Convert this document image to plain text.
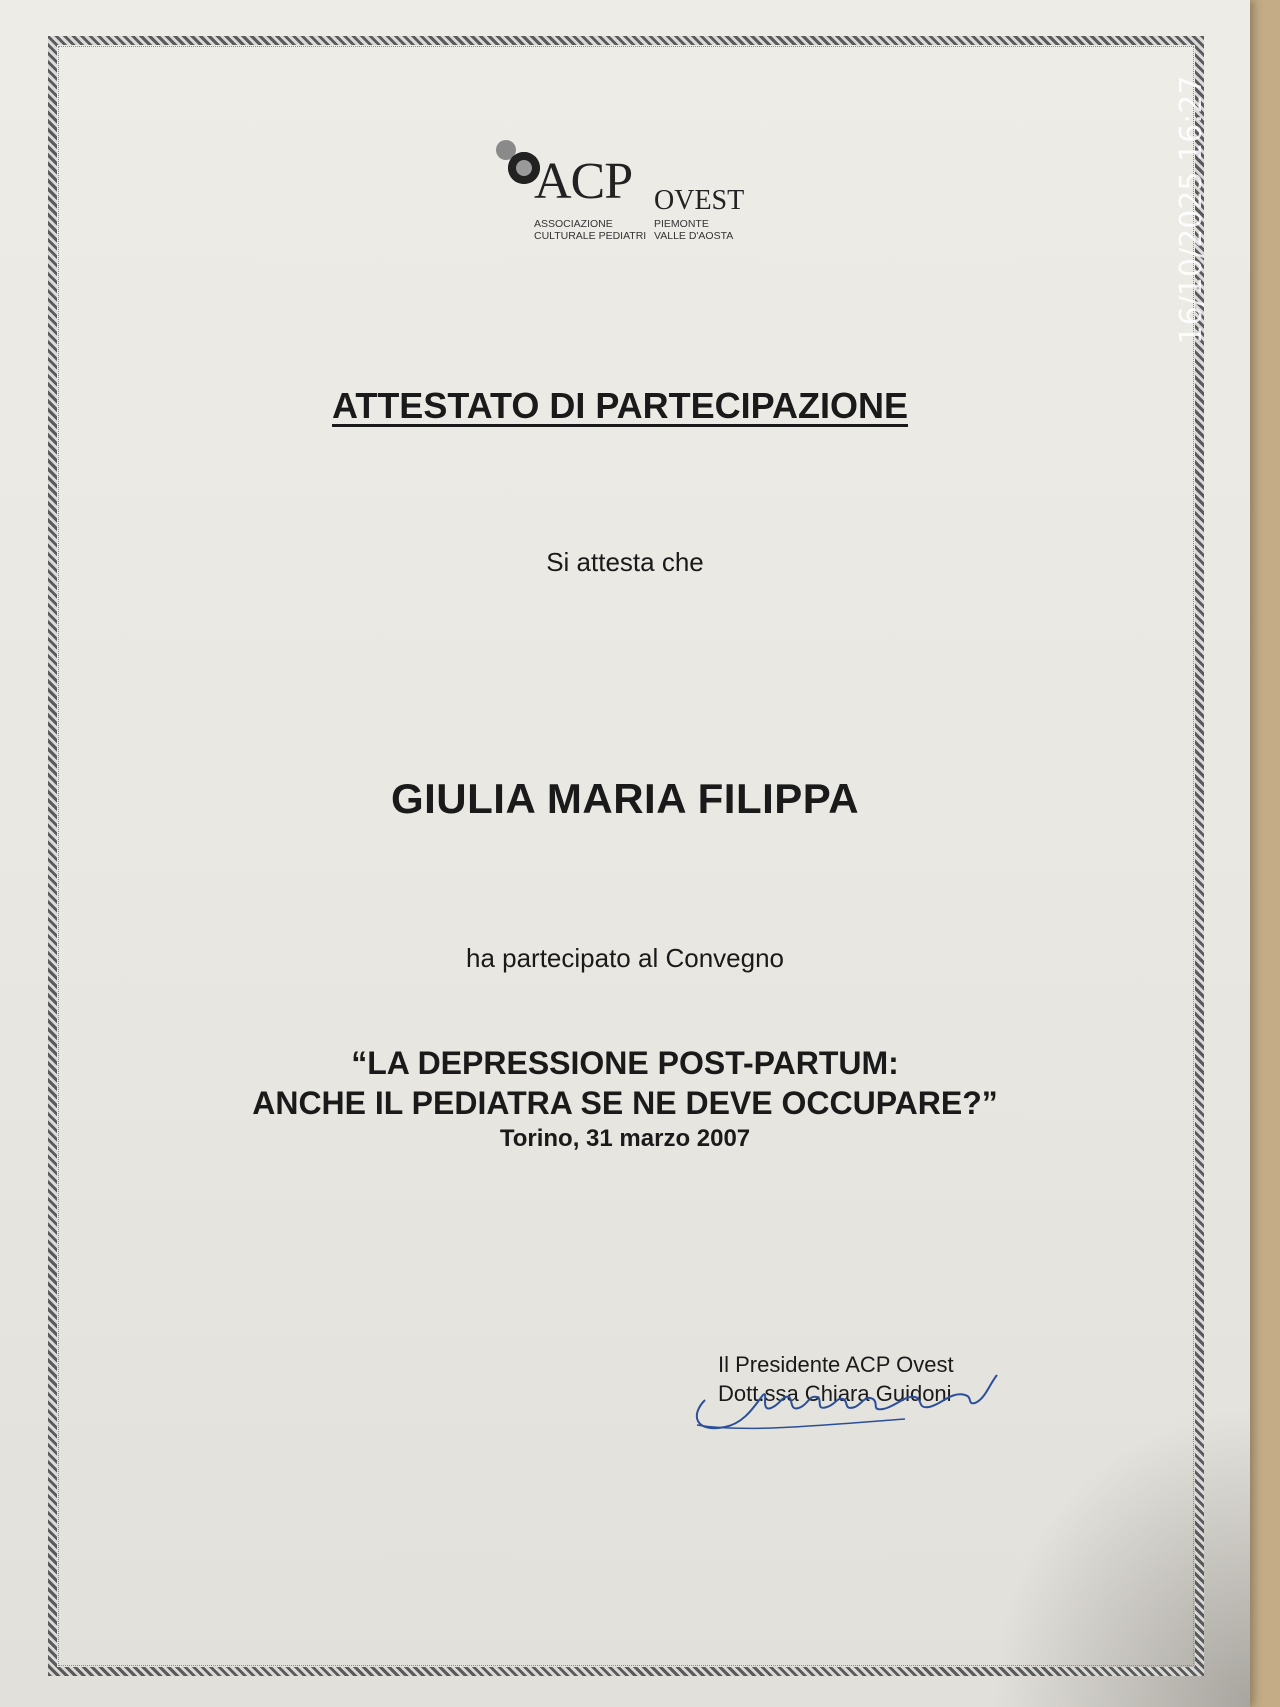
ACP OVEST
ASSOCIAZIONE
CULTURALE PEDIATRI
PIEMONTE
VALLE D'AOSTA
ATTESTATO DI PARTECIPAZIONE
Si attesta che
GIULIA MARIA FILIPPA
ha partecipato al Convegno
“LA DEPRESSIONE POST-PARTUM:
ANCHE IL PEDIATRA SE NE DEVE OCCUPARE?”
Torino, 31 marzo 2007
Il Presidente ACP Ovest
Dott.ssa Chiara Guidoni
16/10/2025 16:27
